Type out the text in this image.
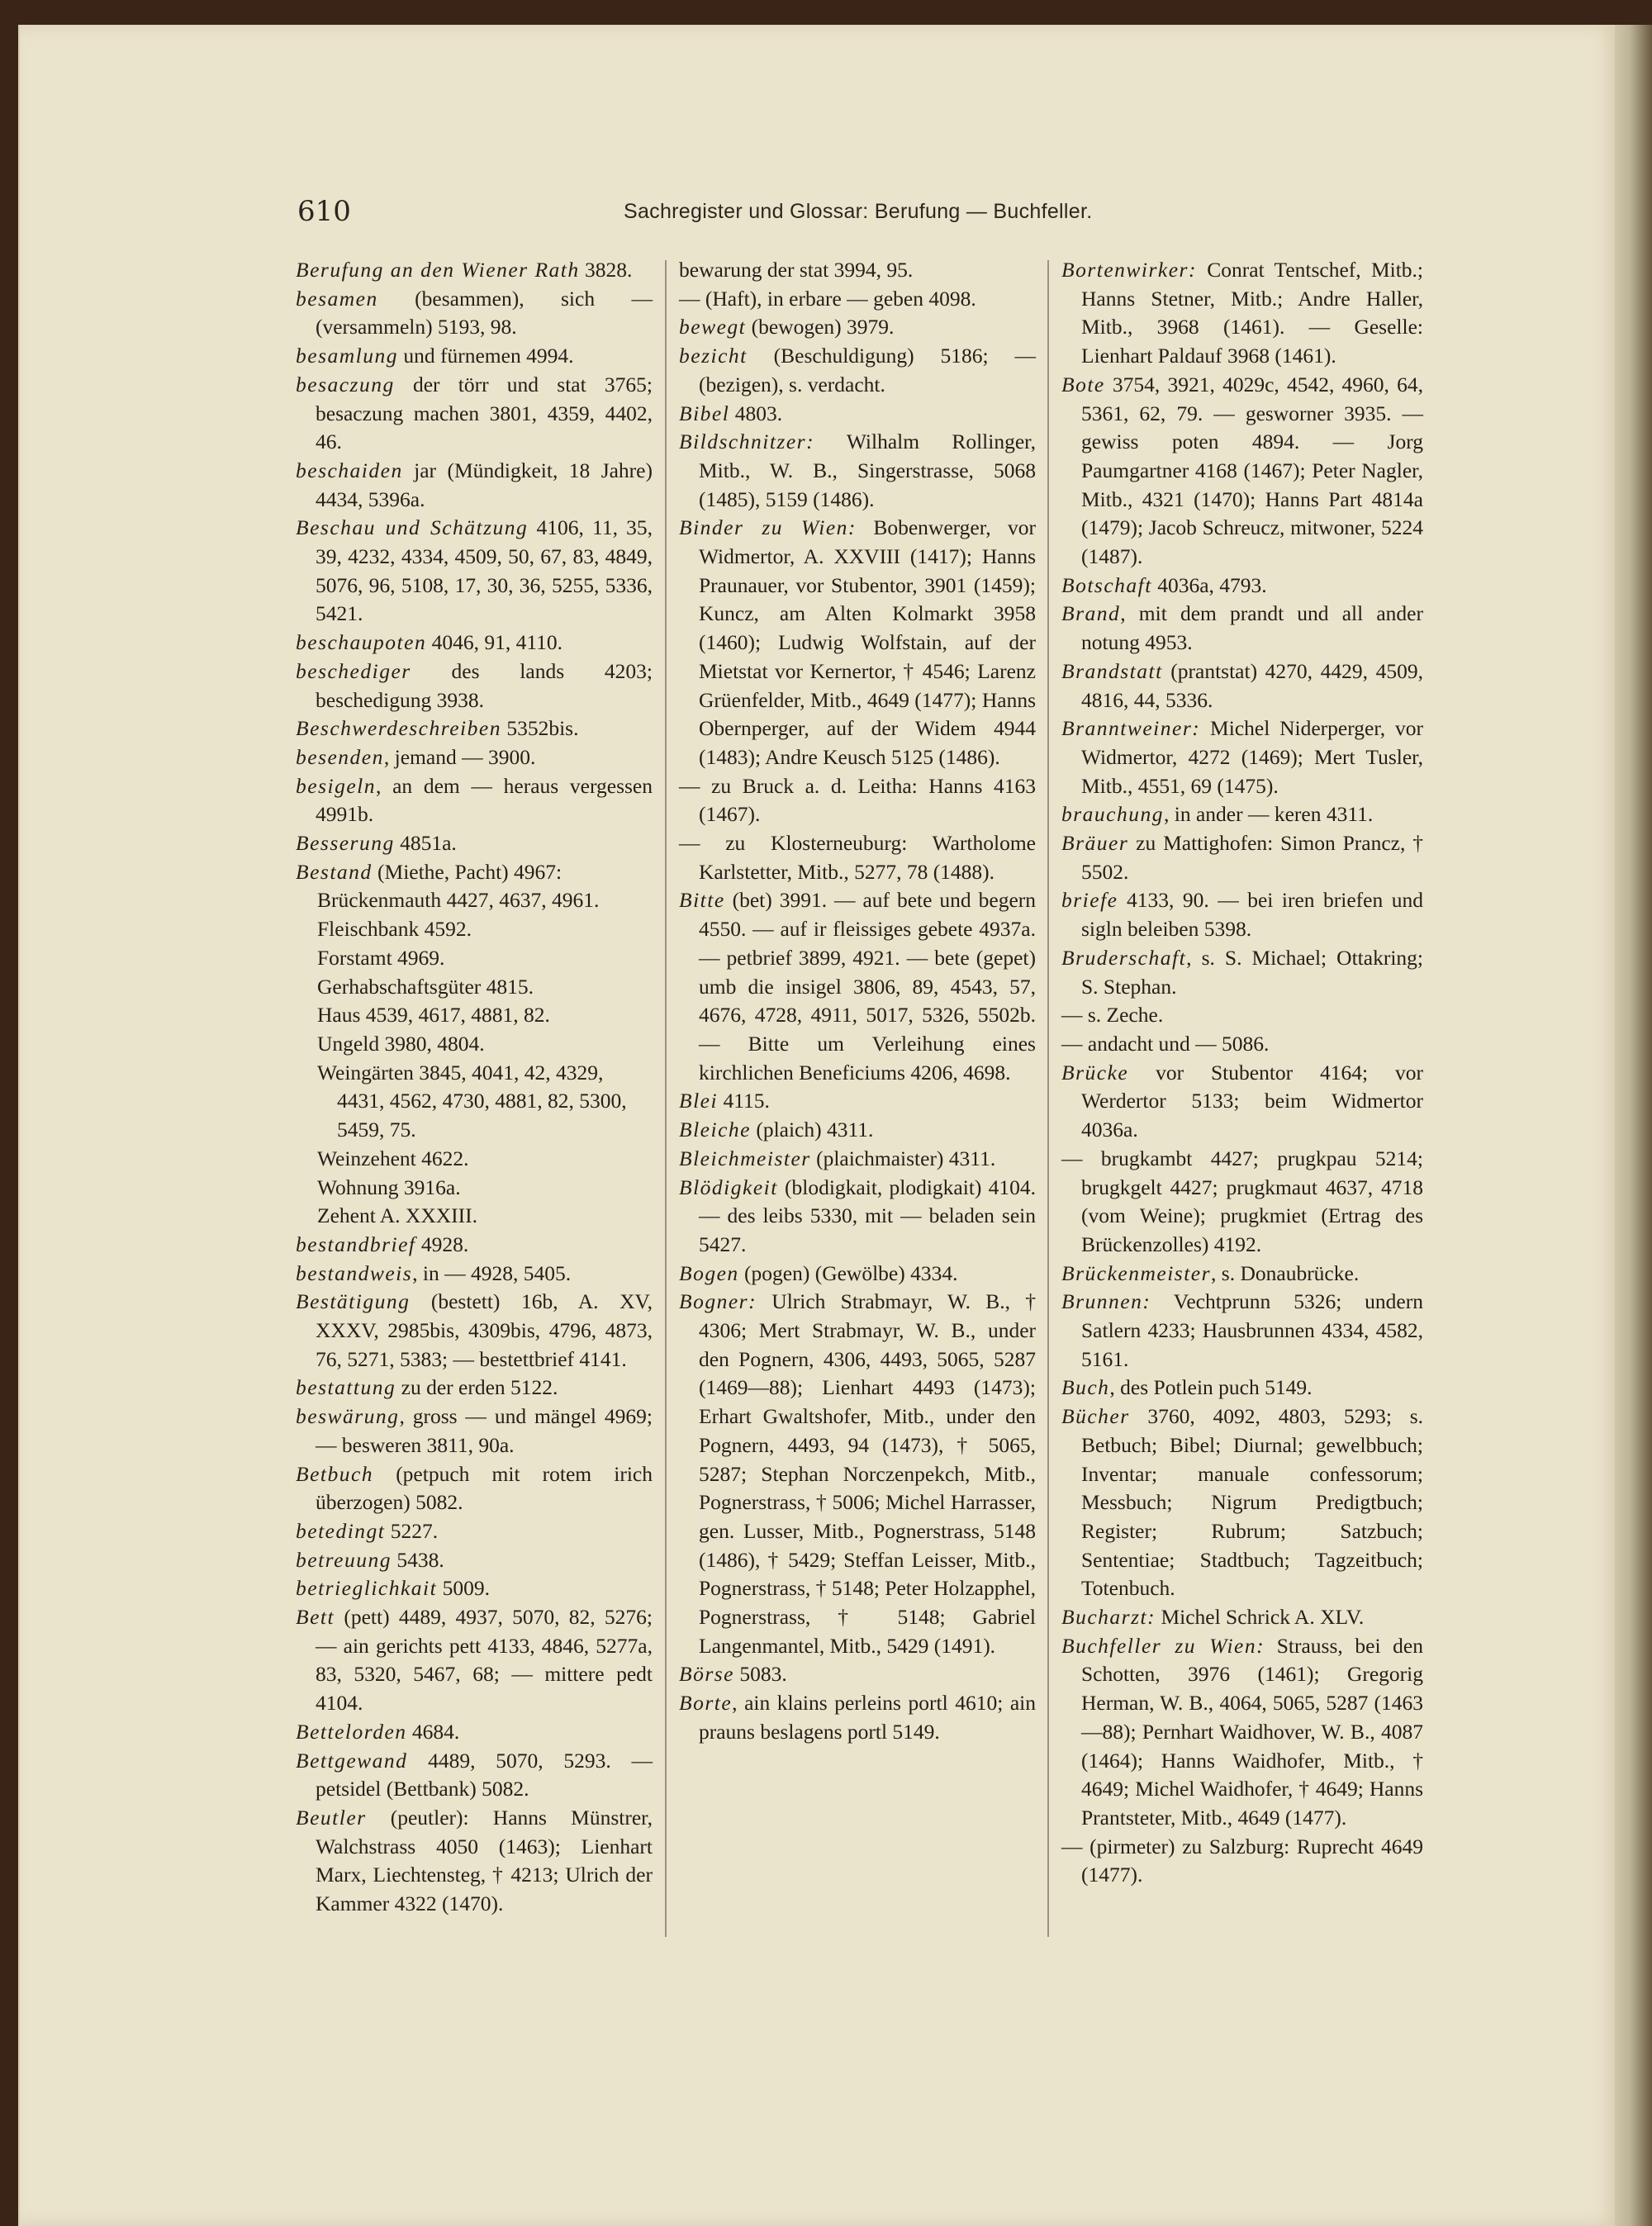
610	Sachregister und Glossar: Berufung — Buchfeller.
Berufung an den Wiener Rath 3828.
besamen (besammen), sich — (versammeln) 5193, 98.
besamlung und fürnemen 4994.
besaczung der törr und stat 3765; besaczung machen 3801, 4359, 4402, 46.
beschaiden jar (Mündigkeit, 18 Jahre) 4434, 5396a.
Beschau und Schätzung 4106, 11, 35, 39, 4232, 4334, 4509, 50, 67, 83, 4849, 5076, 96, 5108, 17, 30, 36, 5255, 5336, 5421.
beschaupoten 4046, 91, 4110.
beschediger des lands 4203; beschedigung 3938.
Beschwerdeschreiben 5352bis.
besenden, jemand — 3900.
besigeln, an dem — heraus vergessen 4991b.
Besserung 4851a.
Bestand (Miethe, Pacht) 4967:
Brückenmauth 4427, 4637, 4961.
Fleischbank 4592.
Forstamt 4969.
Gerhabschaftsgüter 4815.
Haus 4539, 4617, 4881, 82.
Ungeld 3980, 4804.
Weingärten 3845, 4041, 42, 4329, 4431, 4562, 4730, 4881, 82, 5300, 5459, 75.
Weinzehent 4622.
Wohnung 3916a.
Zehent A. XXXIII.
bestandbrief 4928.
bestandweis, in — 4928, 5405.
Bestätigung (bestett) 16b, A. XV, XXXV, 2985bis, 4309bis, 4796, 4873, 76, 5271, 5383; — bestettbrief 4141.
bestattung zu der erden 5122.
beswärung, gross — und mängel 4969; — besweren 3811, 90a.
Betbuch (petpuch mit rotem irich überzogen) 5082.
betedingt 5227.
betreuung 5438.
betrieglichkait 5009.
Bett (pett) 4489, 4937, 5070, 82, 5276; — ain gerichts pett 4133, 4846, 5277a, 83, 5320, 5467, 68; — mittere pedt 4104.
Bettelorden 4684.
Bettgewand 4489, 5070, 5293. — petsidel (Bettbank) 5082.
Beutler (peutler): Hanns Münstrer, Walchstrass 4050 (1463); Lienhart Marx, Liechtensteg, † 4213; Ulrich der Kammer 4322 (1470).
bewarung der stat 3994, 95.
— (Haft), in erbare — geben 4098.
bewegt (bewogen) 3979.
bezicht (Beschuldigung) 5186; — (bezigen), s. verdacht.
Bibel 4803.
Bildschnitzer: Wilhalm Rollinger, Mitb., W. B., Singerstrasse, 5068 (1485), 5159 (1486).
Binder zu Wien: Bobenwerger, vor Widmertor, A. XXVIII (1417); Hanns Praunauer, vor Stubentor, 3901 (1459); Kuncz, am Alten Kolmarkt 3958 (1460); Ludwig Wolfstain, auf der Mietstat vor Kernertor, † 4546; Larenz Grüenfelder, Mitb., 4649 (1477); Hanns Obernperger, auf der Widem 4944 (1483); Andre Keusch 5125 (1486).
— zu Bruck a. d. Leitha: Hanns 4163 (1467).
— zu Klosterneuburg: Wartholome Karlstetter, Mitb., 5277, 78 (1488).
Bitte (bet) 3991. — auf bete und begern 4550. — auf ir fleissiges gebete 4937a. — petbrief 3899, 4921. — bete (gepet) umb die insigel 3806, 89, 4543, 57, 4676, 4728, 4911, 5017, 5326, 5502b. — Bitte um Verleihung eines kirchlichen Beneficiums 4206, 4698.
Blei 4115.
Bleiche (plaich) 4311.
Bleichmeister (plaichmaister) 4311.
Blödigkeit (blodigkait, plodigkait) 4104. — des leibs 5330, mit — beladen sein 5427.
Bogen (pogen) (Gewölbe) 4334.
Bogner: Ulrich Strabmayr, W. B., † 4306; Mert Strabmayr, W. B., under den Pognern, 4306, 4493, 5065, 5287 (1469—88); Lienhart 4493 (1473); Erhart Gwaltshofer, Mitb., under den Pognern, 4493, 94 (1473), † 5065, 5287; Stephan Norczenpekch, Mitb., Pognerstrass, † 5006; Michel Harrasser, gen. Lusser, Mitb., Pognerstrass, 5148 (1486), † 5429; Steffan Leisser, Mitb., Pognerstrass, † 5148; Peter Holzapphel, Pognerstrass, † 5148; Gabriel Langenmantel, Mitb., 5429 (1491).
Börse 5083.
Borte, ain klains perleins portl 4610; ain prauns beslagens portl 5149.
Bortenwirker: Conrat Tentschef, Mitb.; Hanns Stetner, Mitb.; Andre Haller, Mitb., 3968 (1461). — Geselle: Lienhart Paldauf 3968 (1461).
Bote 3754, 3921, 4029c, 4542, 4960, 64, 5361, 62, 79. — gesworner 3935. — gewiss poten 4894. — Jorg Paumgartner 4168 (1467); Peter Nagler, Mitb., 4321 (1470); Hanns Part 4814a (1479); Jacob Schreucz, mitwoner, 5224 (1487).
Botschaft 4036a, 4793.
Brand, mit dem prandt und all ander notung 4953.
Brandstatt (prantstat) 4270, 4429, 4509, 4816, 44, 5336.
Branntweiner: Michel Niderperger, vor Widmertor, 4272 (1469); Mert Tusler, Mitb., 4551, 69 (1475).
brauchung, in ander — keren 4311.
Bräuer zu Mattighofen: Simon Prancz, † 5502.
briefe 4133, 90. — bei iren briefen und sigln beleiben 5398.
Bruderschaft, s. S. Michael; Ottakring; S. Stephan.
— s. Zeche.
— andacht und — 5086.
Brücke vor Stubentor 4164; vor Werdertor 5133; beim Widmertor 4036a.
— brugkambt 4427; prugkpau 5214; brugkgelt 4427; prugkmaut 4637, 4718 (vom Weine); prugkmiet (Ertrag des Brückenzolles) 4192.
Brückenmeister, s. Donaubrücke.
Brunnen: Vechtprunn 5326; undern Satlern 4233; Hausbrunnen 4334, 4582, 5161.
Buch, des Potlein puch 5149.
Bücher 3760, 4092, 4803, 5293; s. Betbuch; Bibel; Diurnal; gewelbbuch; Inventar; manuale confessorum; Messbuch; Nigrum Predigtbuch; Register; Rubrum; Satzbuch; Sententiae; Stadtbuch; Tagzeitbuch; Totenbuch.
Bucharzt: Michel Schrick A. XLV.
Buchfeller zu Wien: Strauss, bei den Schotten, 3976 (1461); Gregorig Herman, W. B., 4064, 5065, 5287 (1463—88); Pernhart Waidhover, W. B., 4087 (1464); Hanns Waidhofer, Mitb., † 4649; Michel Waidhofer, † 4649; Hanns Prantsteter, Mitb., 4649 (1477).
— (pirmeter) zu Salzburg: Ruprecht 4649 (1477).
